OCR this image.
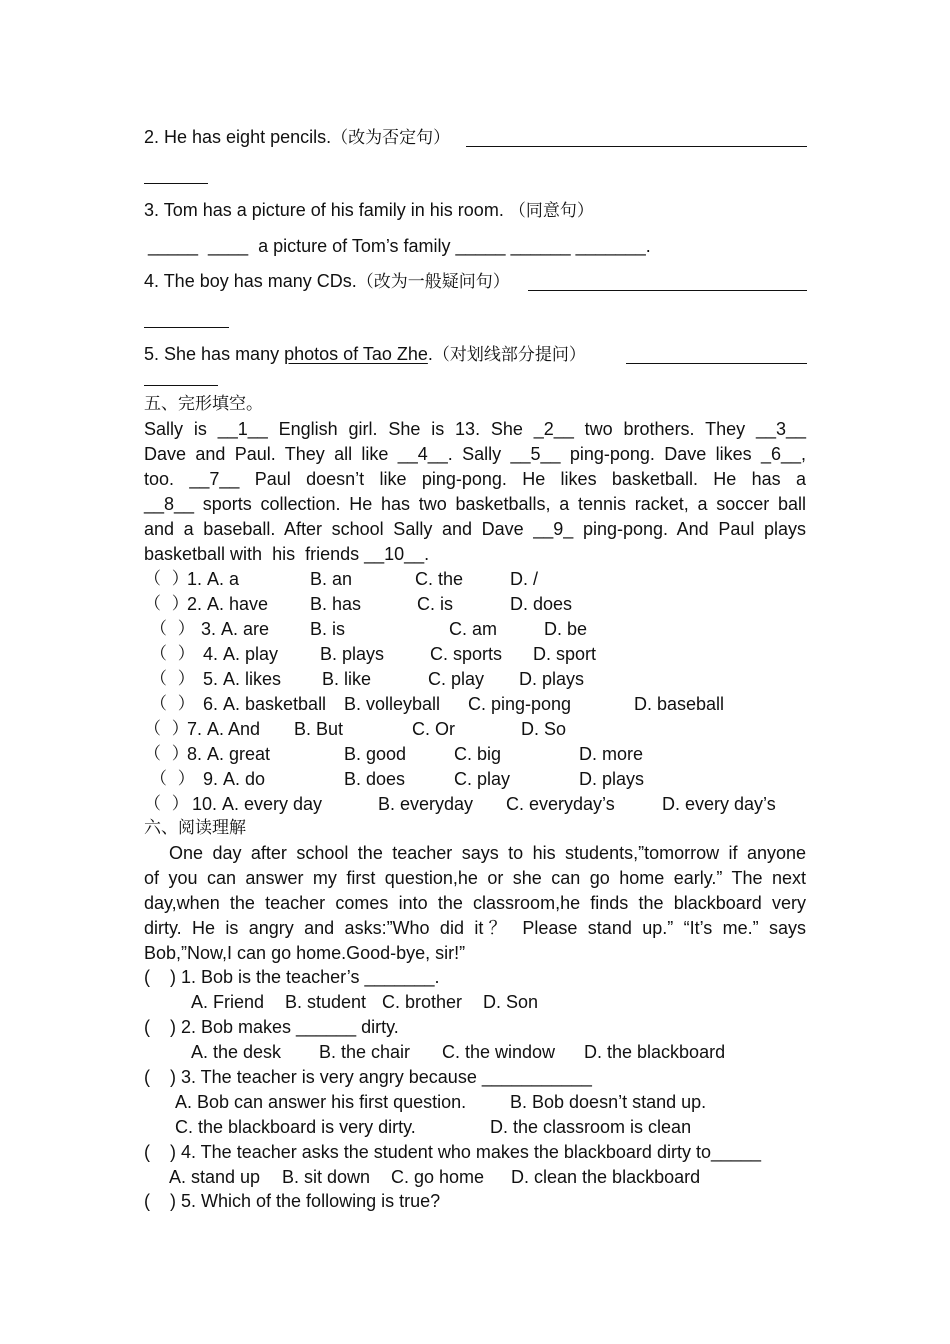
2. He has eight pencils.（改为否定句）
3. Tom has a picture of his family in his room. （同意句）
_____  ____  a picture of Tom’s family _____ ______ _______.
4. The boy has many CDs.（改为一般疑问句）
5. She has many photos of Tao Zhe.（对划线部分提问）
五、完形填空。
Sally is __1__ English girl. She is 13. She _2__ two brothers. They __3__
Dave and Paul. They all like __4__. Sally __5__ ping-pong. Dave likes _6__,
too. __7__ Paul doesn’t like ping-pong. He likes basketball. He has a
__8__ sports collection. He has two basketballs, a tennis racket, a soccer ball
and a baseball. After school Sally and Dave __9_ ping-pong. And Paul plays
basketball with  his  friends __10__.
（  ）
1. A. a	B. an	C. the	D. /
（  ）
2. A. have B. has	C. is	D. does
（  ） 3. A. are B. is	C. am	D. be
（  ） 4. A. play B. plays	C. sports D. sport
（  ） 5. A. likes B. like	C. play D. plays
（  ） 6. A. basketball B. volleyball C. ping-pong	D. baseball
（  ）
7. A. And B. But	C. Or	D. So
（  ）
8. A. great	B. good	C. big	D. more
（  ） 9. A. do	B. does	C. play	D. plays
（  ） 10. A. every day	B. everyday C. everyday’s	D. every day’s
六、阅读理解
One day after school the teacher says to his students,”tomorrow if anyone
of you can answer my first question,he or she can go home early.” The next
day,when the teacher comes into the classroom,he finds the blackboard very
dirty. He is angry and asks:”Who did it？ Please stand up.” “It’s me.” says
Bob,”Now,I can go home.Good-bye, sir!”
(    ) 1. Bob is the teacher’s _______.
A. Friend B. student C. brother D. Son
(    ) 2. Bob makes ______ dirty.
A. the desk B. the chair C. the window D. the blackboard
(    ) 3. The teacher is very angry because ___________
A. Bob can answer his first question. B. Bob doesn’t stand up.
C. the blackboard is very dirty.	D. the classroom is clean
(    ) 4. The teacher asks the student who makes the blackboard dirty to_____
A. stand up B. sit down C. go home D. clean the blackboard
(    ) 5. Which of the following is true?
